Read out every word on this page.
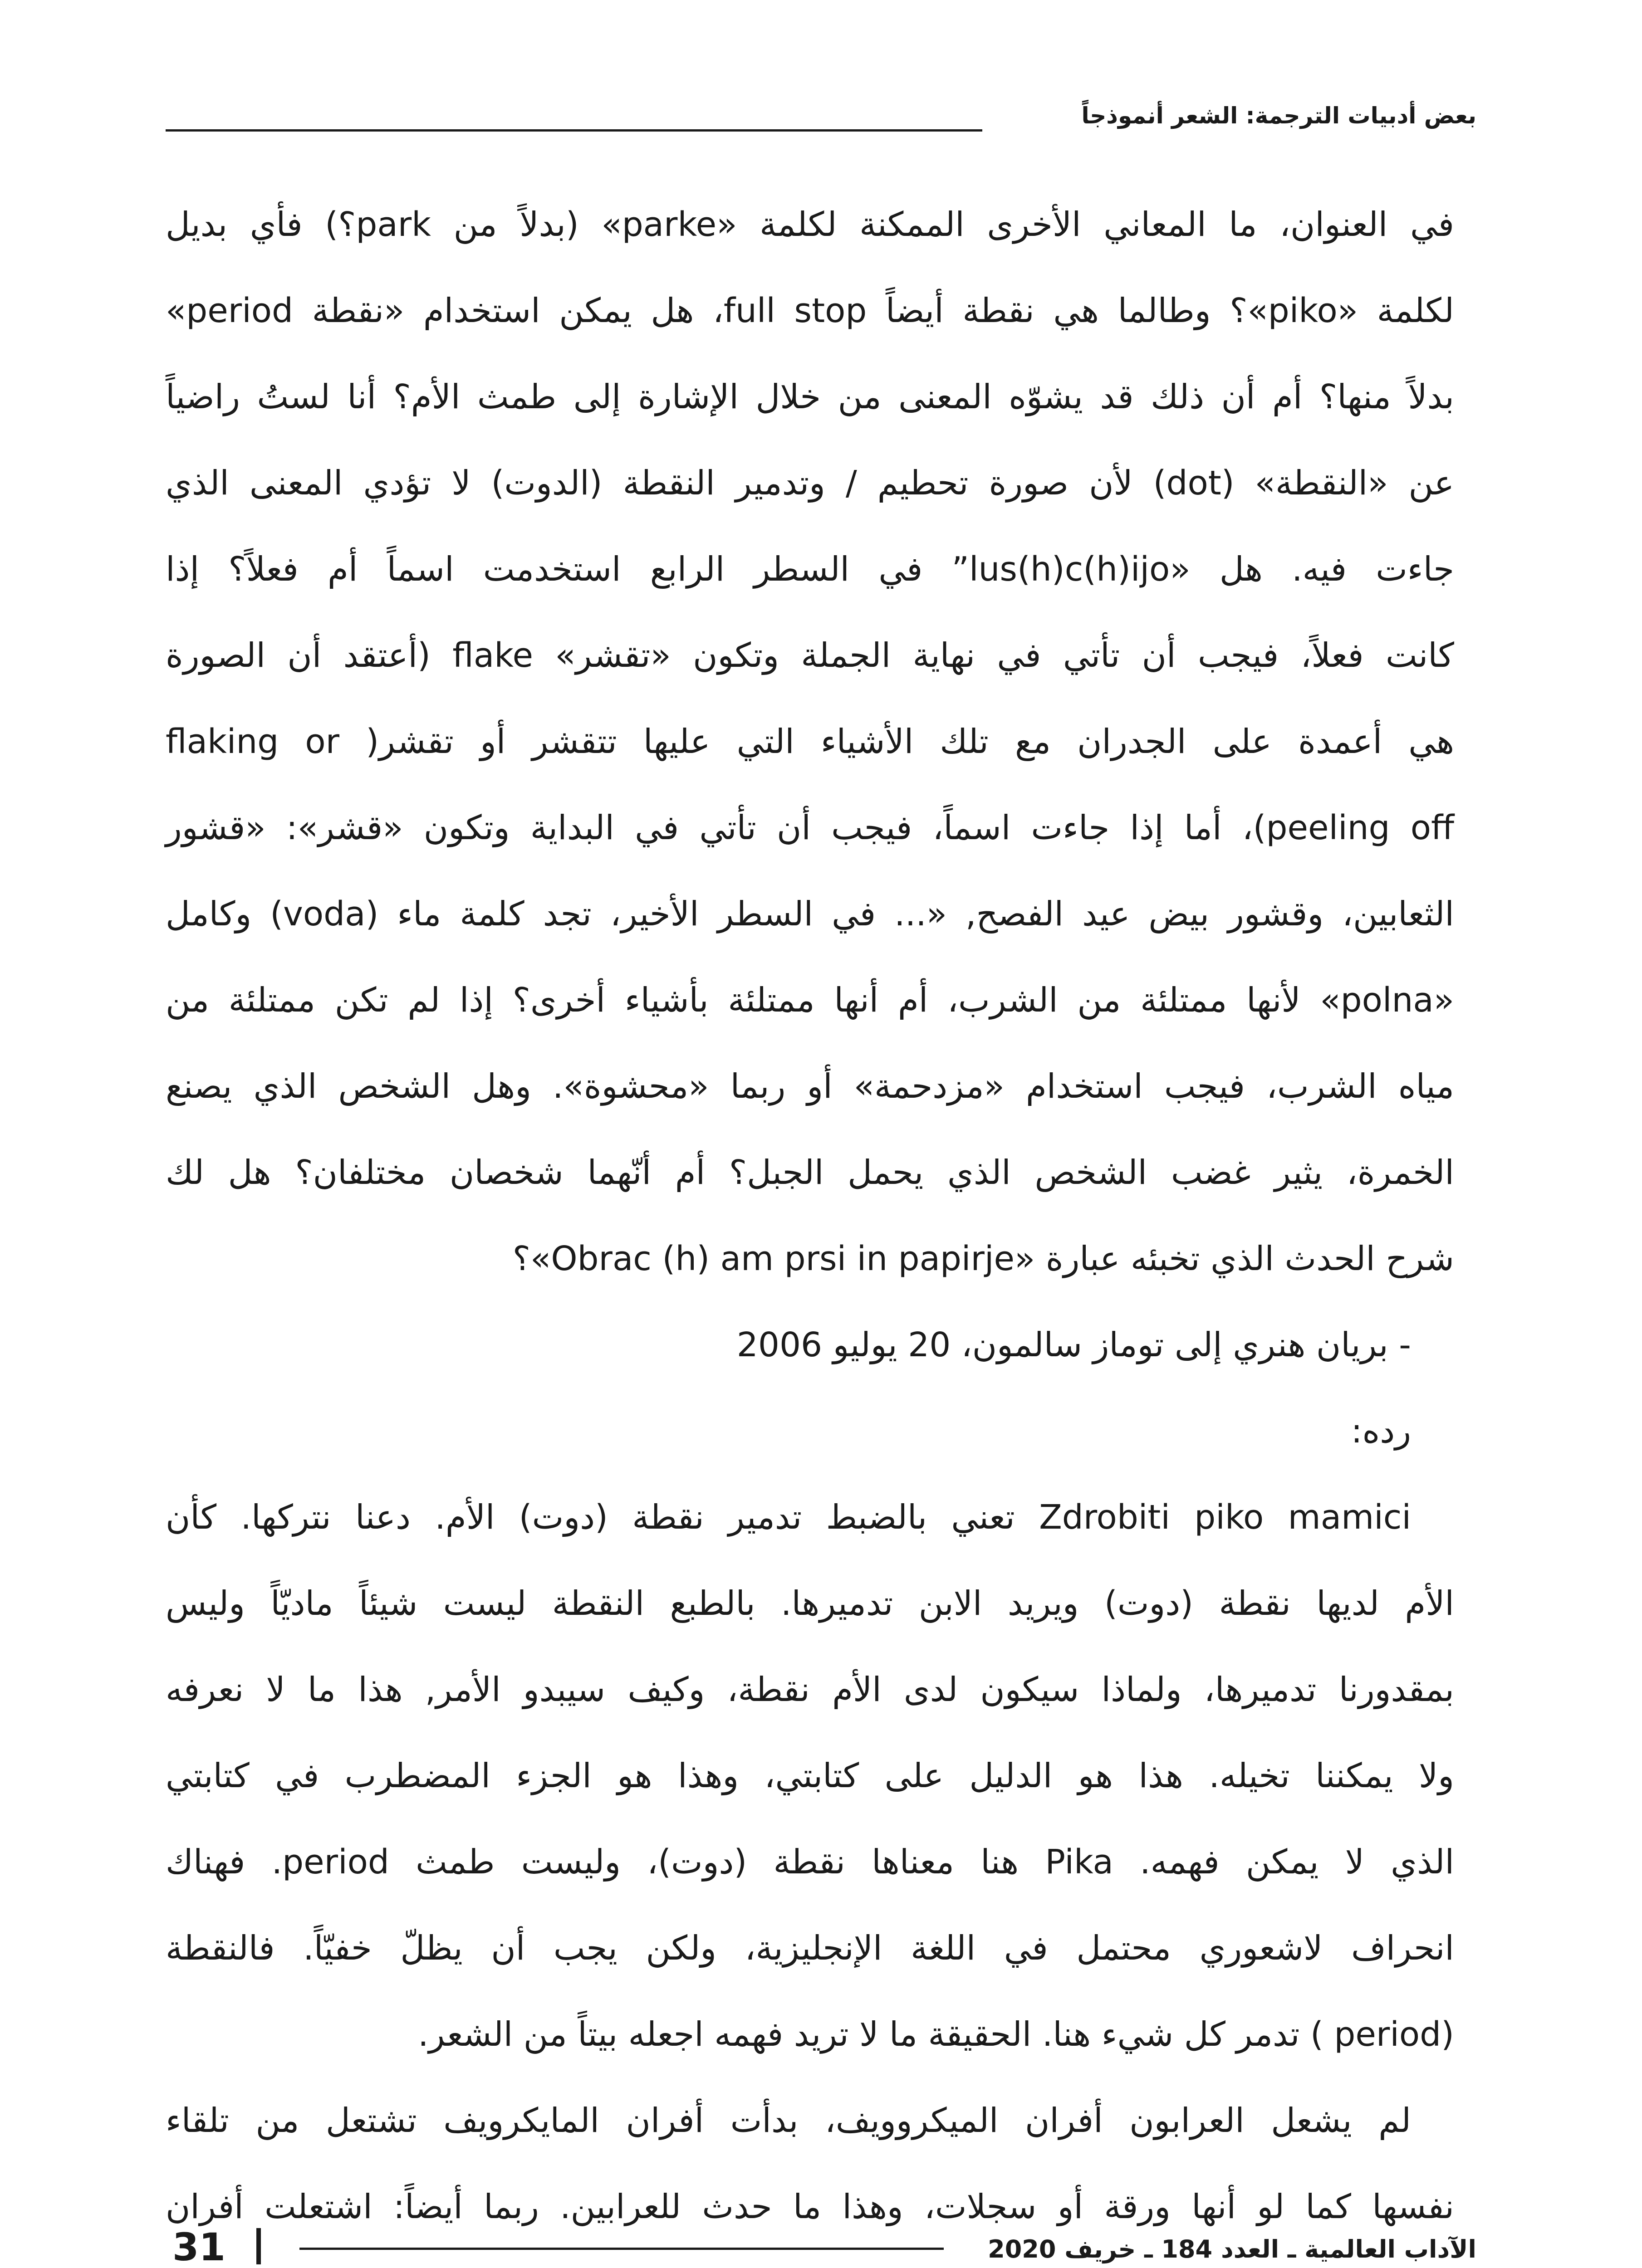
بعض أدبيات الترجمة: الشعر أنموذجاً
في العنوان، ما المعاني الأخرى الممكنة لكلمة «parke» (بدلاً من park؟) فأي بديل
لكلمة «piko»؟ وطالما هي نقطة أيضاً full stop، هل يمكن استخدام «نقطة period»
بدلاً منها؟ أم أن ذلك قد يشوّه المعنى من خلال الإشارة إلى طمث الأم؟ أنا لستُ راضياً
عن «النقطة» (dot) لأن صورة تحطيم / وتدمير النقطة (الدوت) لا تؤدي المعنى الذي
جاءت فيه. هل «lus(h)c(h)ijo” في السطر الرابع استخدمت اسماً أم فعلاً؟ إذا
كانت فعلاً، فيجب أن تأتي في نهاية الجملة وتكون «تقشر» flake (أعتقد أن الصورة
هي أعمدة على الجدران مع تلك الأشياء التي عليها تتقشر أو تقشر( flaking or
peeling off)، أما إذا جاءت اسماً، فيجب أن تأتي في البداية وتكون «قشر»: «قشور
الثعابين، وقشور بيض عيد الفصح, «... في السطر الأخير، تجد كلمة ماء (voda) وكامل
«polna» لأنها ممتلئة من الشرب، أم أنها ممتلئة بأشياء أخرى؟ إذا لم تكن ممتلئة من
مياه الشرب، فيجب استخدام «مزدحمة» أو ربما «محشوة». وهل الشخص الذي يصنع
الخمرة، يثير غضب الشخص الذي يحمل الجبل؟ أم أنّهما شخصان مختلفان؟ هل لك
شرح الحدث الذي تخبئه عبارة «Obrac (h) am prsi in papirje»؟
- بريان هنري إلى توماز سالمون، 20 يوليو 2006
رده:
Zdrobiti piko mamici تعني بالضبط تدمير نقطة (دوت) الأم. دعنا نتركها. كأن
الأم لديها نقطة (دوت) ويريد الابن تدميرها. بالطبع النقطة ليست شيئاً ماديّاً وليس
بمقدورنا تدميرها، ولماذا سيكون لدى الأم نقطة، وكيف سيبدو الأمر, هذا ما لا نعرفه
ولا يمكننا تخيله. هذا هو الدليل على كتابتي، وهذا هو الجزء المضطرب في كتابتي
الذي لا يمكن فهمه. Pika هنا معناها نقطة (دوت)، وليست طمث period. فهناك
انحراف لاشعوري محتمل في اللغة الإنجليزية، ولكن يجب أن يظلّ خفيّاً. فالنقطة
(period ) تدمر كل شيء هنا. الحقيقة ما لا تريد فهمه اجعله بيتاً من الشعر.
لم يشعل العرابون أفران الميكروويف، بدأت أفران المايكرويف تشتعل من تلقاء
نفسها كما لو أنها ورقة أو سجلات، وهذا ما حدث للعرابين. ربما أيضاً: اشتعلت أفران
الآداب العالمية ـ العدد 184 ـ خريف 2020
31
